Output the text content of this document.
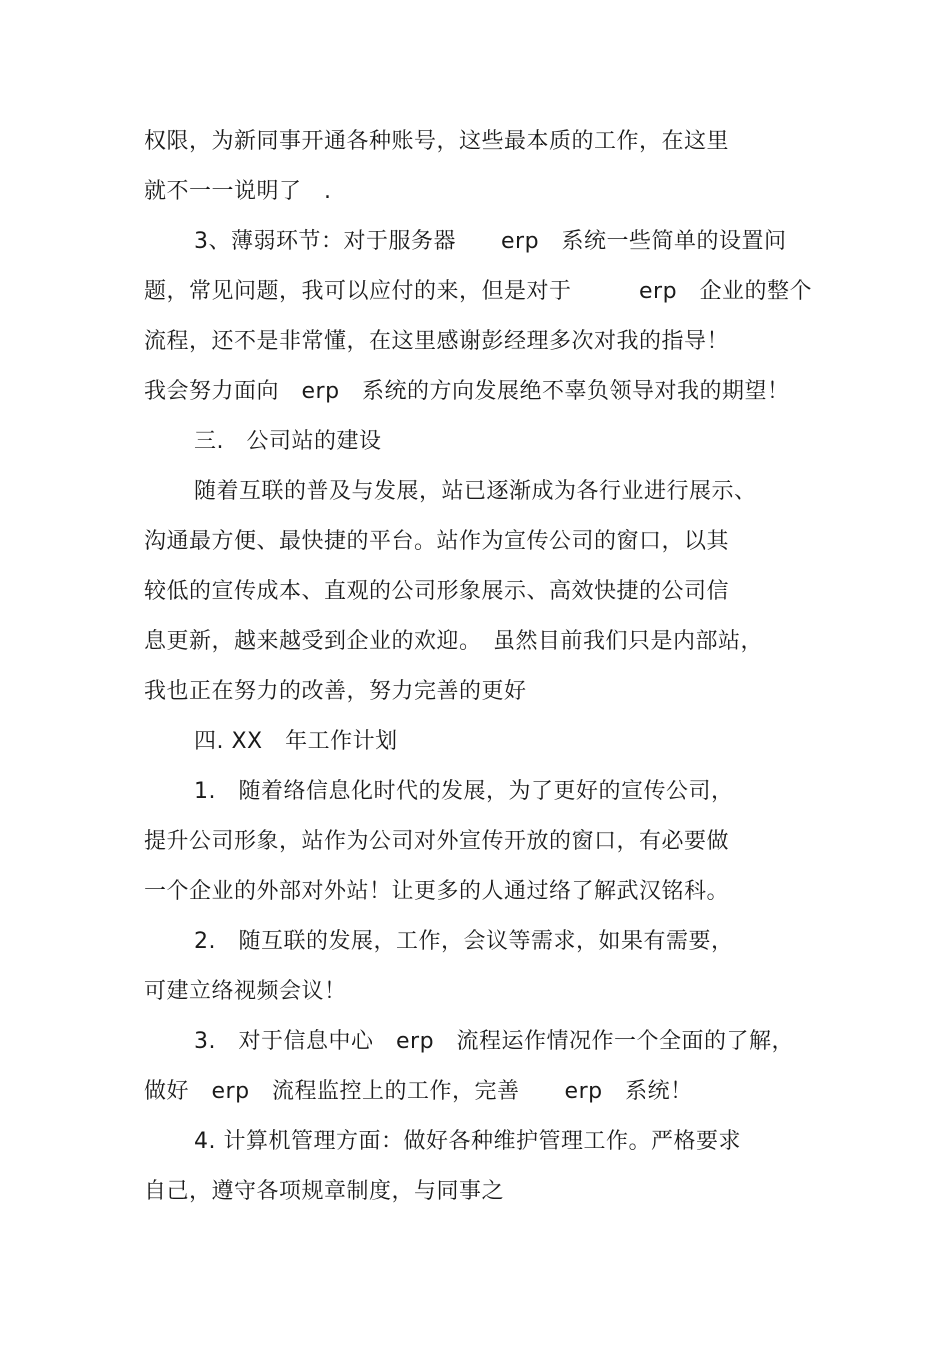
权限，为新同事开通各种账号，这些最本质的工作，在这里
就不一一说明了　.
3、薄弱环节：对于服务器　　erp　系统一些简单的设置问
题，常见问题，我可以应付的来，但是对于　　　erp　企业的整个
流程，还不是非常懂，在这里感谢彭经理多次对我的指导！
我会努力面向　erp　系统的方向发展绝不辜负领导对我的期望！
三.　公司站的建设
随着互联的普及与发展，站已逐渐成为各行业进行展示、
沟通最方便、最快捷的平台。站作为宣传公司的窗口，以其
较低的宣传成本、直观的公司形象展示、高效快捷的公司信
息更新，越来越受到企业的欢迎。　虽然目前我们只是内部站，
我也正在努力的改善，努力完善的更好
四. XX　年工作计划
1.　随着络信息化时代的发展，为了更好的宣传公司，
提升公司形象，站作为公司对外宣传开放的窗口，有必要做
一个企业的外部对外站！让更多的人通过络了解武汉铭科。
2.　随互联的发展，工作，会议等需求，如果有需要，
可建立络视频会议！
3.　对于信息中心　erp　流程运作情况作一个全面的了解，
做好　erp　流程监控上的工作，完善　　erp　系统！
4. 计算机管理方面：做好各种维护管理工作。严格要求
自己，遵守各项规章制度，与同事之
